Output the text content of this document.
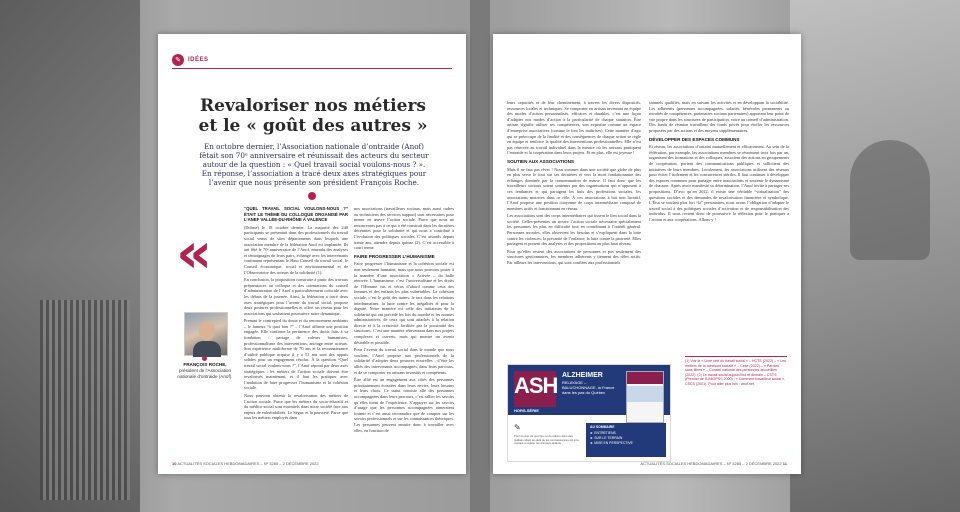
✎	IDÉES
Revaloriser nos métiers et le « goût des autres »

En octobre dernier, l’Association nationale d’ontraide (Anof) fêtait son 70ᵉ anniversaire et réunissait des acteurs du secteur autour de la question : « Quel travail social voulons-nous ? ». En réponse, l’association a tracé deux axes stratégiques pour l’avenir que nous présente son président François Roche.

«
FRANÇOIS ROCHE,
président de l’Association nationale d’ontraide (Anof).

“QUEL TRAVAIL SOCIAL VOULONS-NOUS ?” ÉTAIT LE THÈME DU COLLOQUE ORGANISÉ PAR L’ANEF VALLÉE-DU-RHÔNE À VALENCE

(Drôme) le 18 octobre dernier. La majorité des 240 participants se présentait dans des professionnels du travail social venus de sites départements dans lesquels une association membre de la fédération Anof est implantée. Ils ont fêté le 70ᵉ anniversaire de l’Anof, entendu des analyses et témoignages de leurs pairs, échangé avec les intervenants continuant représentant le Haut Conseil du travail social, le Conseil économique, social et environnemental et de l’Observatoire des acteurs de la solidarité (1).

En conclusion, la proposition construite à partir des travaux préparatoires au colloque et des orientations du conseil d’administration de l’Anof a particulièrement coïncidé avec les débats de la journée. Ainsi, la fédération a tracé deux axes stratégiques pour l’avenir du travail social, propose deux postures professionnelles et offert un réseau pour les associations qui souhaitent poursuivre notre dynamique.

Prenant le contrepied du doute et du renoncement ambiants – le fameux “à quoi bon ?” – l’Anof affirme une position engagée. Elle confirme la pertinence des droits faits à sa fondation : partage de valeurs humanistes, professionnalisme des interventions, ancrage entre acteurs. Son expérience multiforme de 70 ans et la reconnaissance d’utilité publique acquise il y a 51 ans sont des appuis solides pour un engagement résolus. À la question “Quel travail social voulons-nous ?”, l’Anof répond par deux axes stratégiques : les métiers de l’action sociale doivent être revalorisés maintenant, et il faut les pratiquer avec l’ambition de faire progresser l’humanisme et la cohésion sociale.

Nous pouvons obtenir la revalorisation des métiers de l’action sociale. Parce que les métiers du socio-éducatif et du médico-social sont essentiels dans notre société face aux enjeux de vulnérabilités. Le Ségur, et la pauvreté. Parce que tous les métiers employés dans

nos associations (travailleurs sociaux, mais aussi cadres ou techniciens des services support) sont nécessaires pour mener en œuvre l’action sociale. Parce que nous ne renoncerons pas à ce qui a été construit dans les dernières décennies pour la solidarité et qui nous a contribué à l’évolution des politiques sociales. C’est aisonds depuis trente ans, attendre depuis quinze (2). C’est accessible à court terme.

FAIRE PROGRESSER L’HUMANISME

Faire progresser l’humanisme et la cohésion sociale est non seulement humaine, mais que nous pouvons porter à la manière d’une association « Activée – du halle rénovée. L’humanisme, c’est l’universalisme et les droits de l’Homme vus et vécus d’abord comme ceux des femmes et des enfants les plus vulnérables. La cohésion sociale, c’est le goût des autres, le tact dans les relations interhumaines, la lutte contre les inégalités et pour la dignité. Notre manière est celle des initiateurs de la solidarité qui ont précédé les lois du marché et les normes administratives, de ceux qui sont attachés à la relation directe et à la créativité facilitée par la proximité des structures. C’est une manière réinventant dans nos projets complexes et ouverts, mais qui montre un avenir désirable et possible.

Pour l’avenir du travail social dans le monde que nous voulons, l’Anof propose aux professionnels de la solidarité d’adopter deux postures nouvelles : d’être les alliés des intervenants accompagnés, dans leurs parcours, et de se comporter en artisans inventifs et compétents.

Être allié est un engagement aux côtés des personnes prioritairement écoutées dans leurs envies, leurs besoins et leurs choix. Ce statut consiste allé des personnes accompagnées dans leurs parcours, c’est rallier les savoirs qu’elles tirent de l’expérience. S’appuyer sur les savoirs d’usage que les personnes accompagnées aimeraient fournir et c’est aussi reconnaître que de compter sur les savoirs professionnels et sur les connaissances théoriques. Les personnes peuvent ensuite donc à travailler avec elles, en fonction de

10 ACTUALITÉS SOCIALES HEBDOMADAIRES – Nº 3285 – 2 DÉCEMBRE 2022

leurs capacités et de leur cheminement, à travers les divers dispositifs, ressources locales et techniques. Se comporter en artisan inventant en équipe des modes d’action personnalisés, efficaces et durables, c’est une façon d’adapter nos modes d’action à la particularité de chaque situation. Être artisan signifie utiliser ses compétences, son expertise comme un espace d’entreprise associatives (comme le font les maîtrises). Cette manière d’agir qui se préoccupe de la finalité et des conséquences de chaque action se règle en équipe et renforce la qualité des interventions professionnelles. Elle n’est pas réservée au travail individuel dans la mesure où les artisans pratiquent l’entraide et la coopération dans leurs projets. Et en plus, elle est joyeuse !

SOUTIEN AUX ASSOCIATIONS

Mais il ne faut pas rêver ! Nous sommes dans une société que globe de plus en plus serve le tout sur ses dernières et vers la mort fondationnaire des échanges dominée par la consommation de masse. Il faut donc que les travailleurs sociaux soient soutenus par des organisations qui n’opposent à ces tendances et qui partagent les buts des professions sociales, les associations motrices dans ce rôle. À ces associations à but non lucratif, l’Anof propose une position citoyenne de corps intermédiaire composé de membres actifs et fonctionnant en réseau.

Les associations sont des corps intermédiaires qui tissent le lien social dans la société. Celles-présentes un trouve l’action sociale nécessaire spécialement les personnes les plus en difficulté tout en contribuant à l’intérêt général. Personnes morales, elles observent les besoins et s’expliquent dans la lutte contre les violences, la précarité de l’enfance, la lutte contre la pauvreté. Elles partagent et portent des analyses et des propositions au plus haut niveau.

Pour qu’elles restent des associations de personnes et pas seulement des structures gestionnaires, les membres adhérents y tiennent des rôles actifs. Par ailleurs les interventions, qui sont confiées aux professionnels

sionnels qualifiés, mais en suivant les activités et en développant la sociabilité. Les adhérents (personnes accompagnées, salariés, bénévoles permanents ou retraités de compétences, partenaires sociaux partenaires) apportent leur point de vue propre dans les structures de participation, votre au conseil d’administration. Des fonds de réunion travaillent des fonds privés pour étoffer les ressources proposées par des actions et des moyens supplémentaires.

DÉVELOPPER DES ESPACES COMMUNS

Et réseau, les associations d’ontaint mutuellement et efficacement. Au sein de la fédération, par exemple, les associations membres se réunissent trois fois par an, organisent des formations et des colloques, associent des actions en groupements de coopération, portent des communications publiques et sollicitent des initiatives de leurs membres. Localement, les associations utilisent des réseaux pour éviter l’isolement et les concurrences stériles. Il faut continuer à développer des espaces communs pour partager entre associations et soutenir le dynamisme de chacune. Après avoir manifesté sa détermination, l’Anof invite à partager ses propositions. D’avo qu’en 2022, il existe une véritable “virtualisation” des questions sociales et des demandes de revalorisation financière et symbolique. L’Étui se voulant plus fort “la” prestataires, nous avons l’obligation d’adapter le travail social à des politiques sociales d’activation et de responsabilisation des individus. Il nous revient donc de poursuivre la réflexion pour le pratiquer à l’action et aux coopérations. Allons-y !

(1) Voir le « Livre vert du travail social » – HCTS (2022) – « Les métiers de la cohésion sociale » – Cese (2022) – « Paroles sans filtres » – Conseil national des personnes accueillies (2022). (2) Le travail social aujourd’hui et demain – CSTS (Premier de l’UNIOPSS 2000) ; « Comment travailleur social », CSCS (2001). Pour aller plus loin : anof.net.
ASH
HORS-SÉRIE
ALZHEIMER
RELAYAGE – BALUCHONNAGE, la France dans les pas du Québec
✎
Pour trouver de quoi lire ou de ralliers dans des réalisés allant au-delà de les connaissances est à la marque à réguler les animaux-aidants.
AU SOMMAIRE
► ENTRETIENS
► SUR LE TERRAIN
► MISE EN PERSPECTIVE
ACTUALITÉS SOCIALES HEBDOMADAIRES – Nº 3285 – 2 DÉCEMBRE 2022 11
